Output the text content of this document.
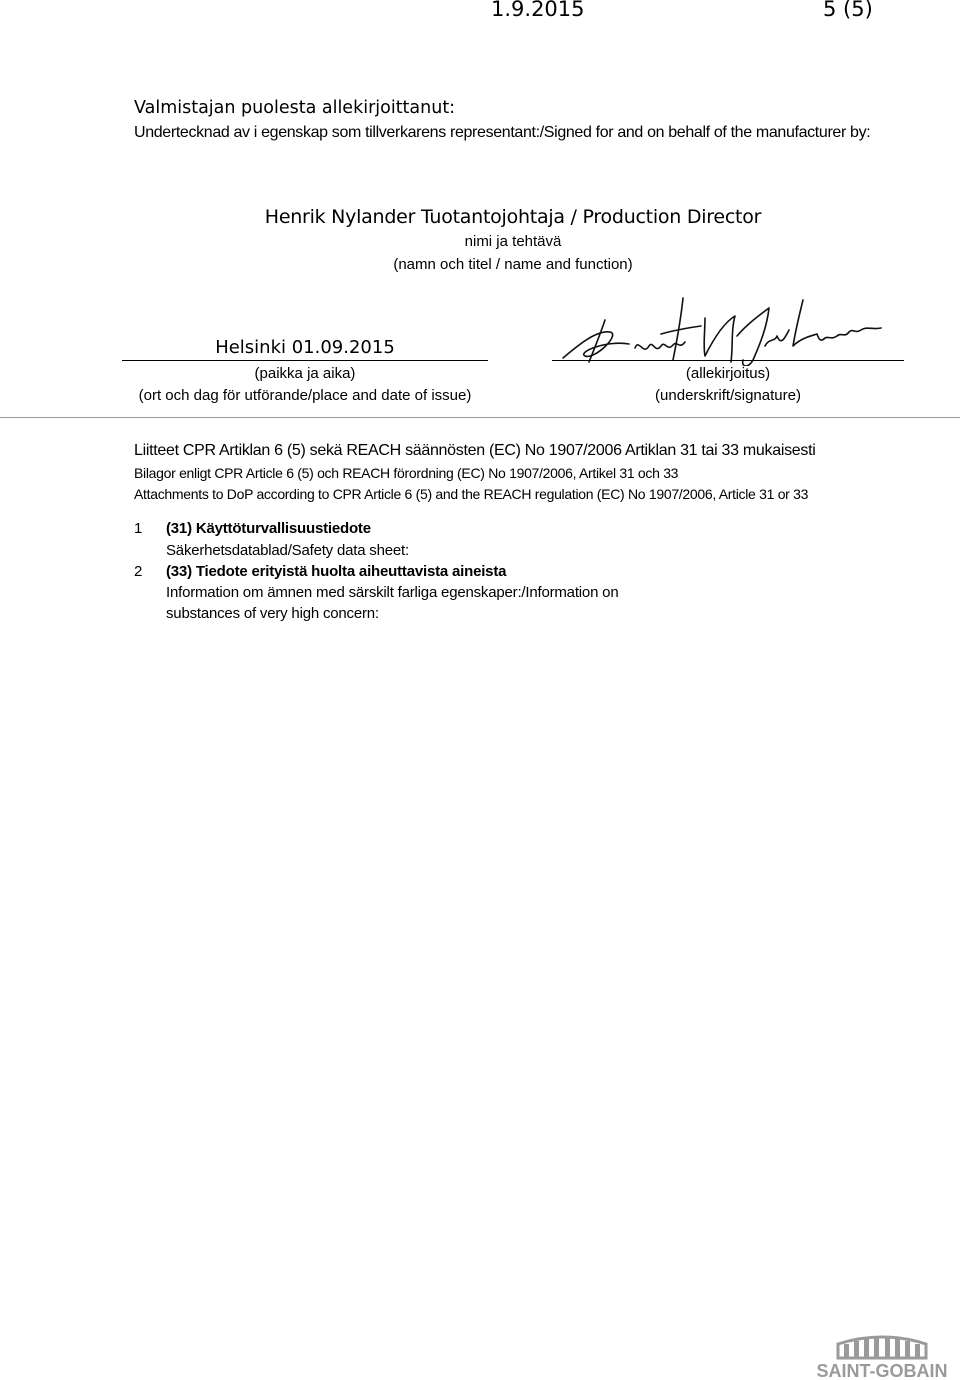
1.9.2015	5 (5)
Valmistajan puolesta allekirjoittanut:
Undertecknad av i egenskap som tillverkarens representant:/Signed for and on behalf of the manufacturer by:
Henrik Nylander Tuotantojohtaja / Production Director
nimi ja tehtävä
(namn och titel / name and function)
Helsinki 01.09.2015
(paikka ja aika)
(ort och dag för utförande/place and date of issue)
(allekirjoitus)
(underskrift/signature)
Liitteet CPR Artiklan 6 (5) sekä REACH säännösten (EC) No 1907/2006 Artiklan 31 tai 33 mukaisesti
Bilagor enligt CPR Article 6 (5) och REACH förordning (EC) No 1907/2006, Artikel 31 och 33
Attachments to DoP according to CPR Article 6 (5) and the REACH regulation (EC) No 1907/2006, Article 31 or 33
1 (31) Käyttöturvallisuustiedote
Säkerhetsdatablad/Safety data sheet:
2 (33) Tiedote erityistä huolta aiheuttavista aineista
Information om ämnen med särskilt farliga egenskaper:/Information on
substances of very high concern:
SAINT-GOBAIN
